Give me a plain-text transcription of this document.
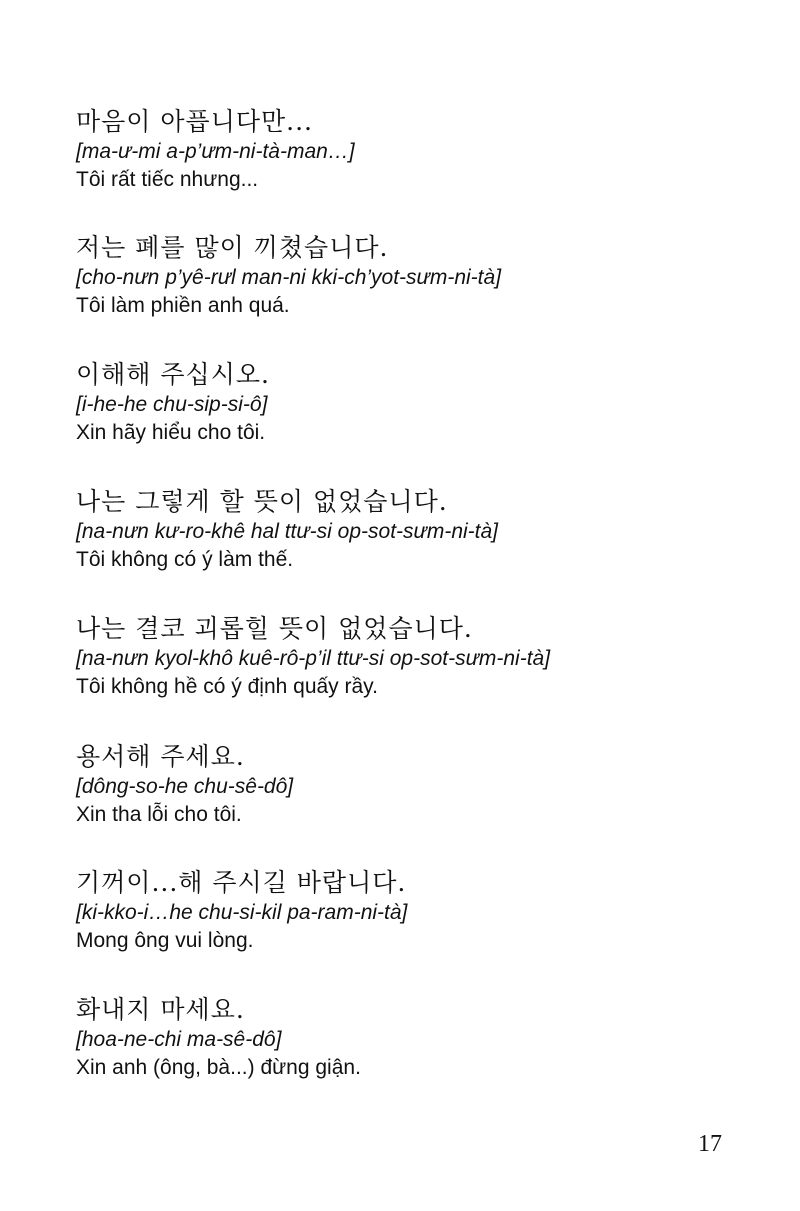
마음이 아픕니다만...
[ma-ư-mi a-p’ưm-ni-tà-man…]
Tôi rất tiếc nhưng...
저는 폐를 많이 끼쳤습니다.
[cho-nưn p’yê-rưl man-ni kki-ch’yot-sưm-ni-tà]
Tôi làm phiền anh quá.
이해해 주십시오.
[i-he-he chu-sip-si-ô]
Xin hãy hiểu cho tôi.
나는 그렇게 할 뜻이 없었습니다.
[na-nưn kư-ro-khê hal ttư-si op-sot-sưm-ni-tà]
Tôi không có ý làm thế.
나는 결코 괴롭힐 뜻이 없었습니다.
[na-nưn kyol-khô kuê-rô-p’il ttư-si op-sot-sưm-ni-tà]
Tôi không hề có ý định quấy rầy.
용서해 주세요.
[dông-so-he chu-sê-dô]
Xin tha lỗi cho tôi.
기꺼이...해 주시길 바랍니다.
[ki-kko-i…he chu-si-kil pa-ram-ni-tà]
Mong ông vui lòng.
화내지 마세요.
[hoa-ne-chi ma-sê-dô]
Xin anh (ông, bà...) đừng giận.
17
